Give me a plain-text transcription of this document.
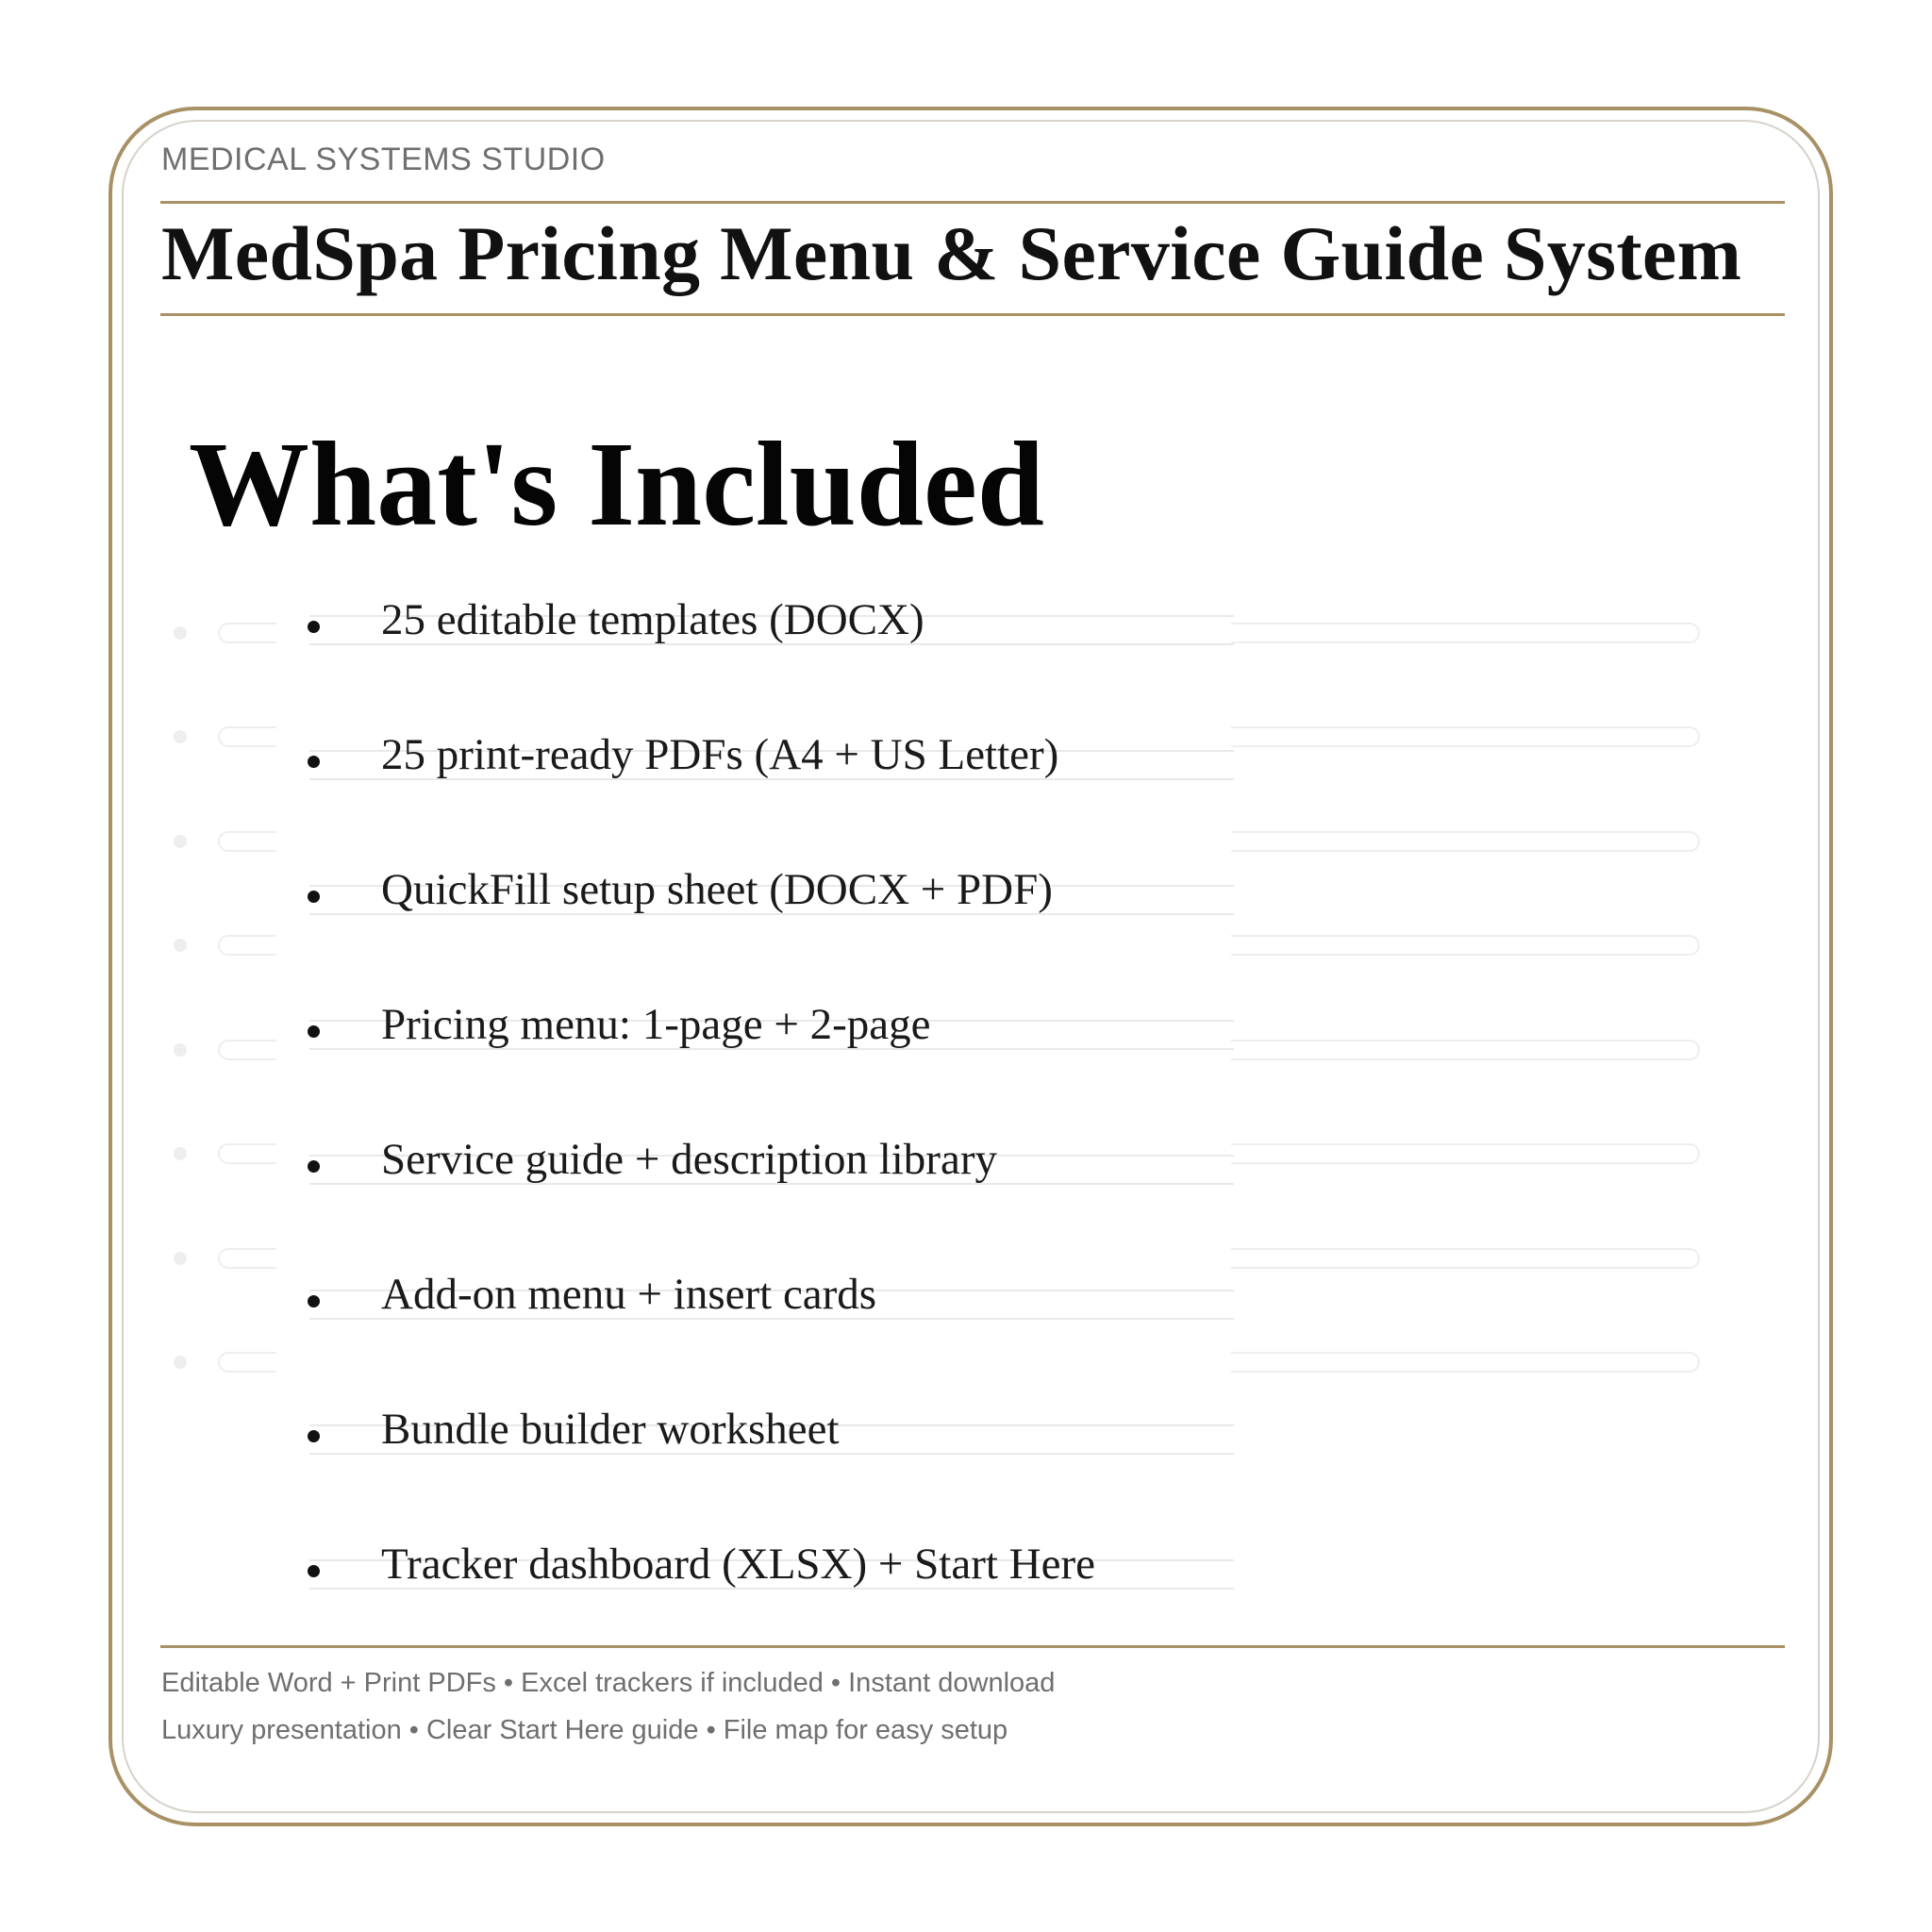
MEDICAL SYSTEMS STUDIO
MedSpa Pricing Menu & Service Guide System
What's Included
25 editable templates (DOCX)
25 print-ready PDFs (A4 + US Letter)
QuickFill setup sheet (DOCX + PDF)
Pricing menu: 1-page + 2-page
Service guide + description library
Add-on menu + insert cards
Bundle builder worksheet
Tracker dashboard (XLSX) + Start Here
Editable Word + Print PDFs • Excel trackers if included • Instant download
Luxury presentation • Clear Start Here guide • File map for easy setup
